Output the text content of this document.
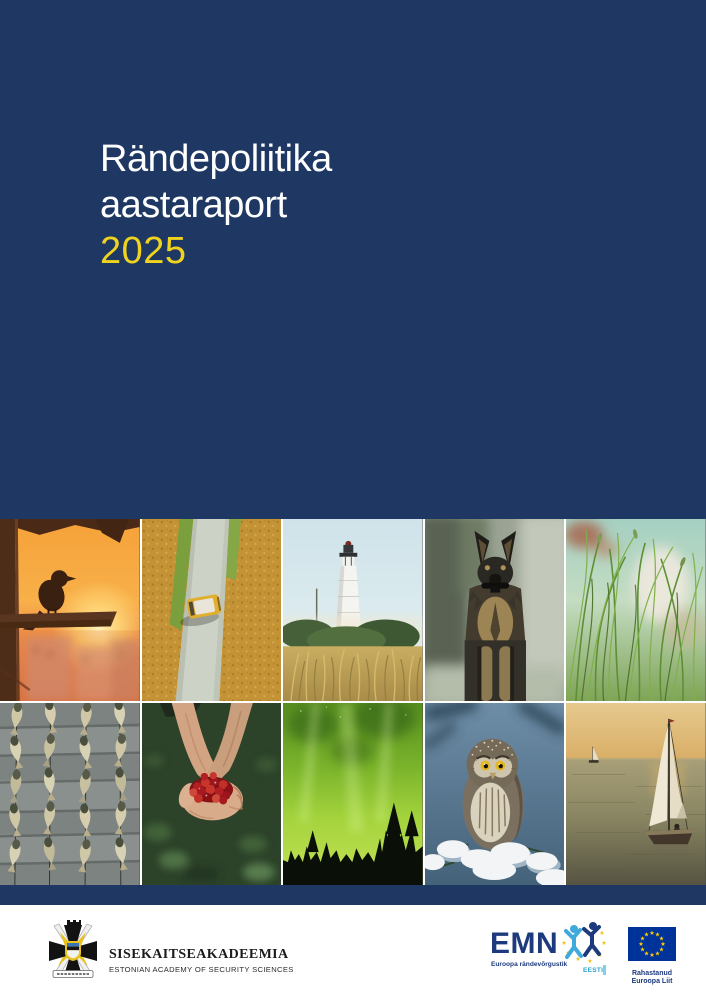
Rändepoliitika
aastaraport
2025
SISEKAITSEAKADEEMIA
ESTONIAN ACADEMY OF SECURITY SCIENCES
EMN
Euroopa rändevõrgustik
EESTI	Rahastanud
Euroopa Liit
